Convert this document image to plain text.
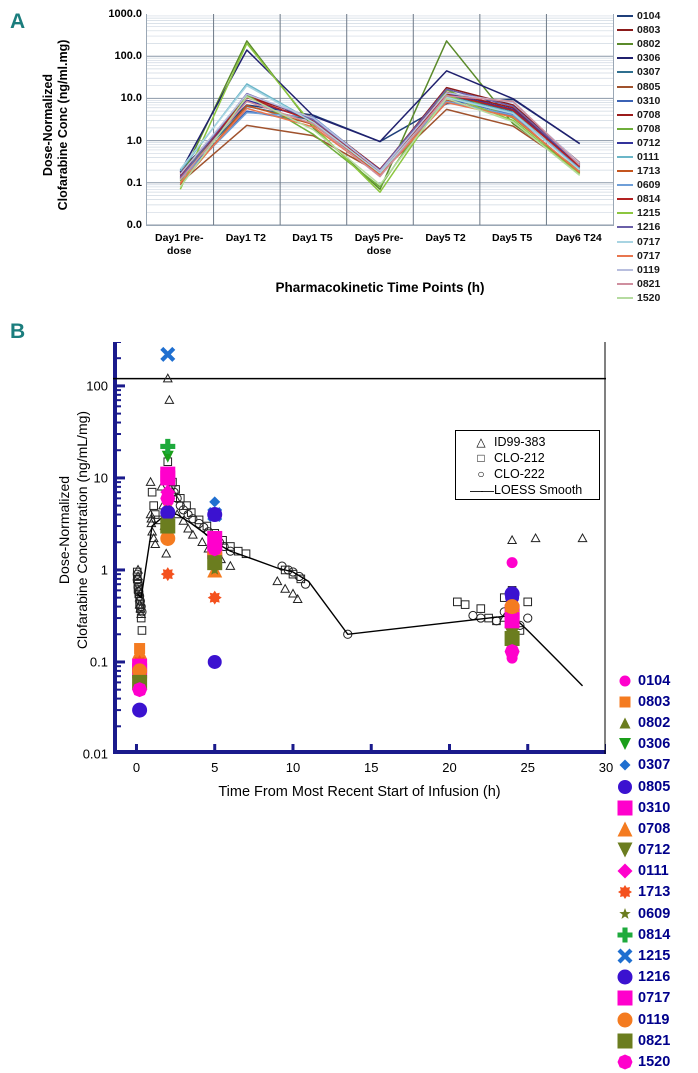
A
Dose-Normalized Clofarabine Conc (ng/ml.mg)
1000.0
100.0
10.0
1.0
0.1
0.0
Day1 Pre-dose
Day1 T2	Day1 T5	Day5 Pre-dose
Day5 T2	Day5 T5	Day6 T24
Pharmacokinetic Time Points (h)
0104
0803
0802
0306
0307
0805
0310
0708
0708
0712
0111
1713
0609
0814
1215
1216
0717
0717
0119
0821
1520
B
Dose-Normalized Clofarabine Concentration (ng/mL/mg)
100
10
1
0.1
0.01
△ ID99-383
□ CLO-212
○ CLO-222
—— LOESS Smooth
0	5	10	15	20	25	30
Time From Most Recent Start of Infusion (h)
0104
0803
0802
0306
0307
0805
0310
0708
0712
0111
1713
0609
0814
1215
1216
0717
0119
0821
1520
